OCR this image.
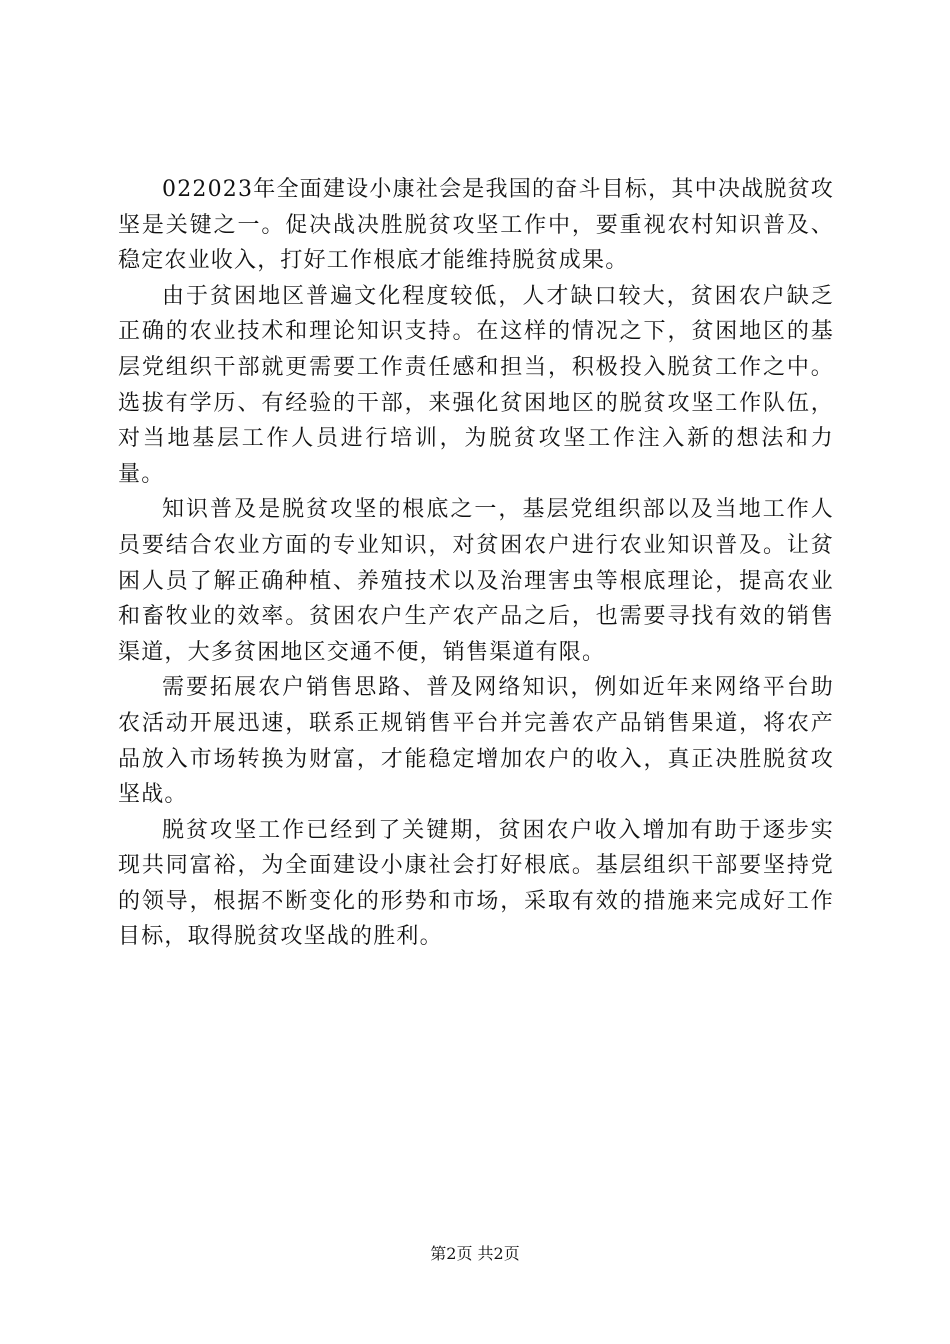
022023年全面建设小康社会是我国的奋斗目标，其中决战脱贫攻坚是关键之一。促决战决胜脱贫攻坚工作中，要重视农村知识普及、稳定农业收入，打好工作根底才能维持脱贫成果。

由于贫困地区普遍文化程度较低，人才缺口较大，贫困农户缺乏正确的农业技术和理论知识支持。在这样的情况之下，贫困地区的基层党组织干部就更需要工作责任感和担当，积极投入脱贫工作之中。选拔有学历、有经验的干部，来强化贫困地区的脱贫攻坚工作队伍，对当地基层工作人员进行培训，为脱贫攻坚工作注入新的想法和力量。

知识普及是脱贫攻坚的根底之一，基层党组织部以及当地工作人员要结合农业方面的专业知识，对贫困农户进行农业知识普及。让贫困人员了解正确种植、养殖技术以及治理害虫等根底理论，提高农业和畜牧业的效率。贫困农户生产农产品之后，也需要寻找有效的销售渠道，大多贫困地区交通不便，销售渠道有限。

需要拓展农户销售思路、普及网络知识，例如近年来网络平台助农活动开展迅速，联系正规销售平台并完善农产品销售果道，将农产品放入市场转换为财富，才能稳定增加农户的收入，真正决胜脱贫攻坚战。

脱贫攻坚工作已经到了关键期，贫困农户收入增加有助于逐步实现共同富裕，为全面建设小康社会打好根底。基层组织干部要坚持党的领导，根据不断变化的形势和市场，采取有效的措施来完成好工作目标，取得脱贫攻坚战的胜利。

第2页 共2页
